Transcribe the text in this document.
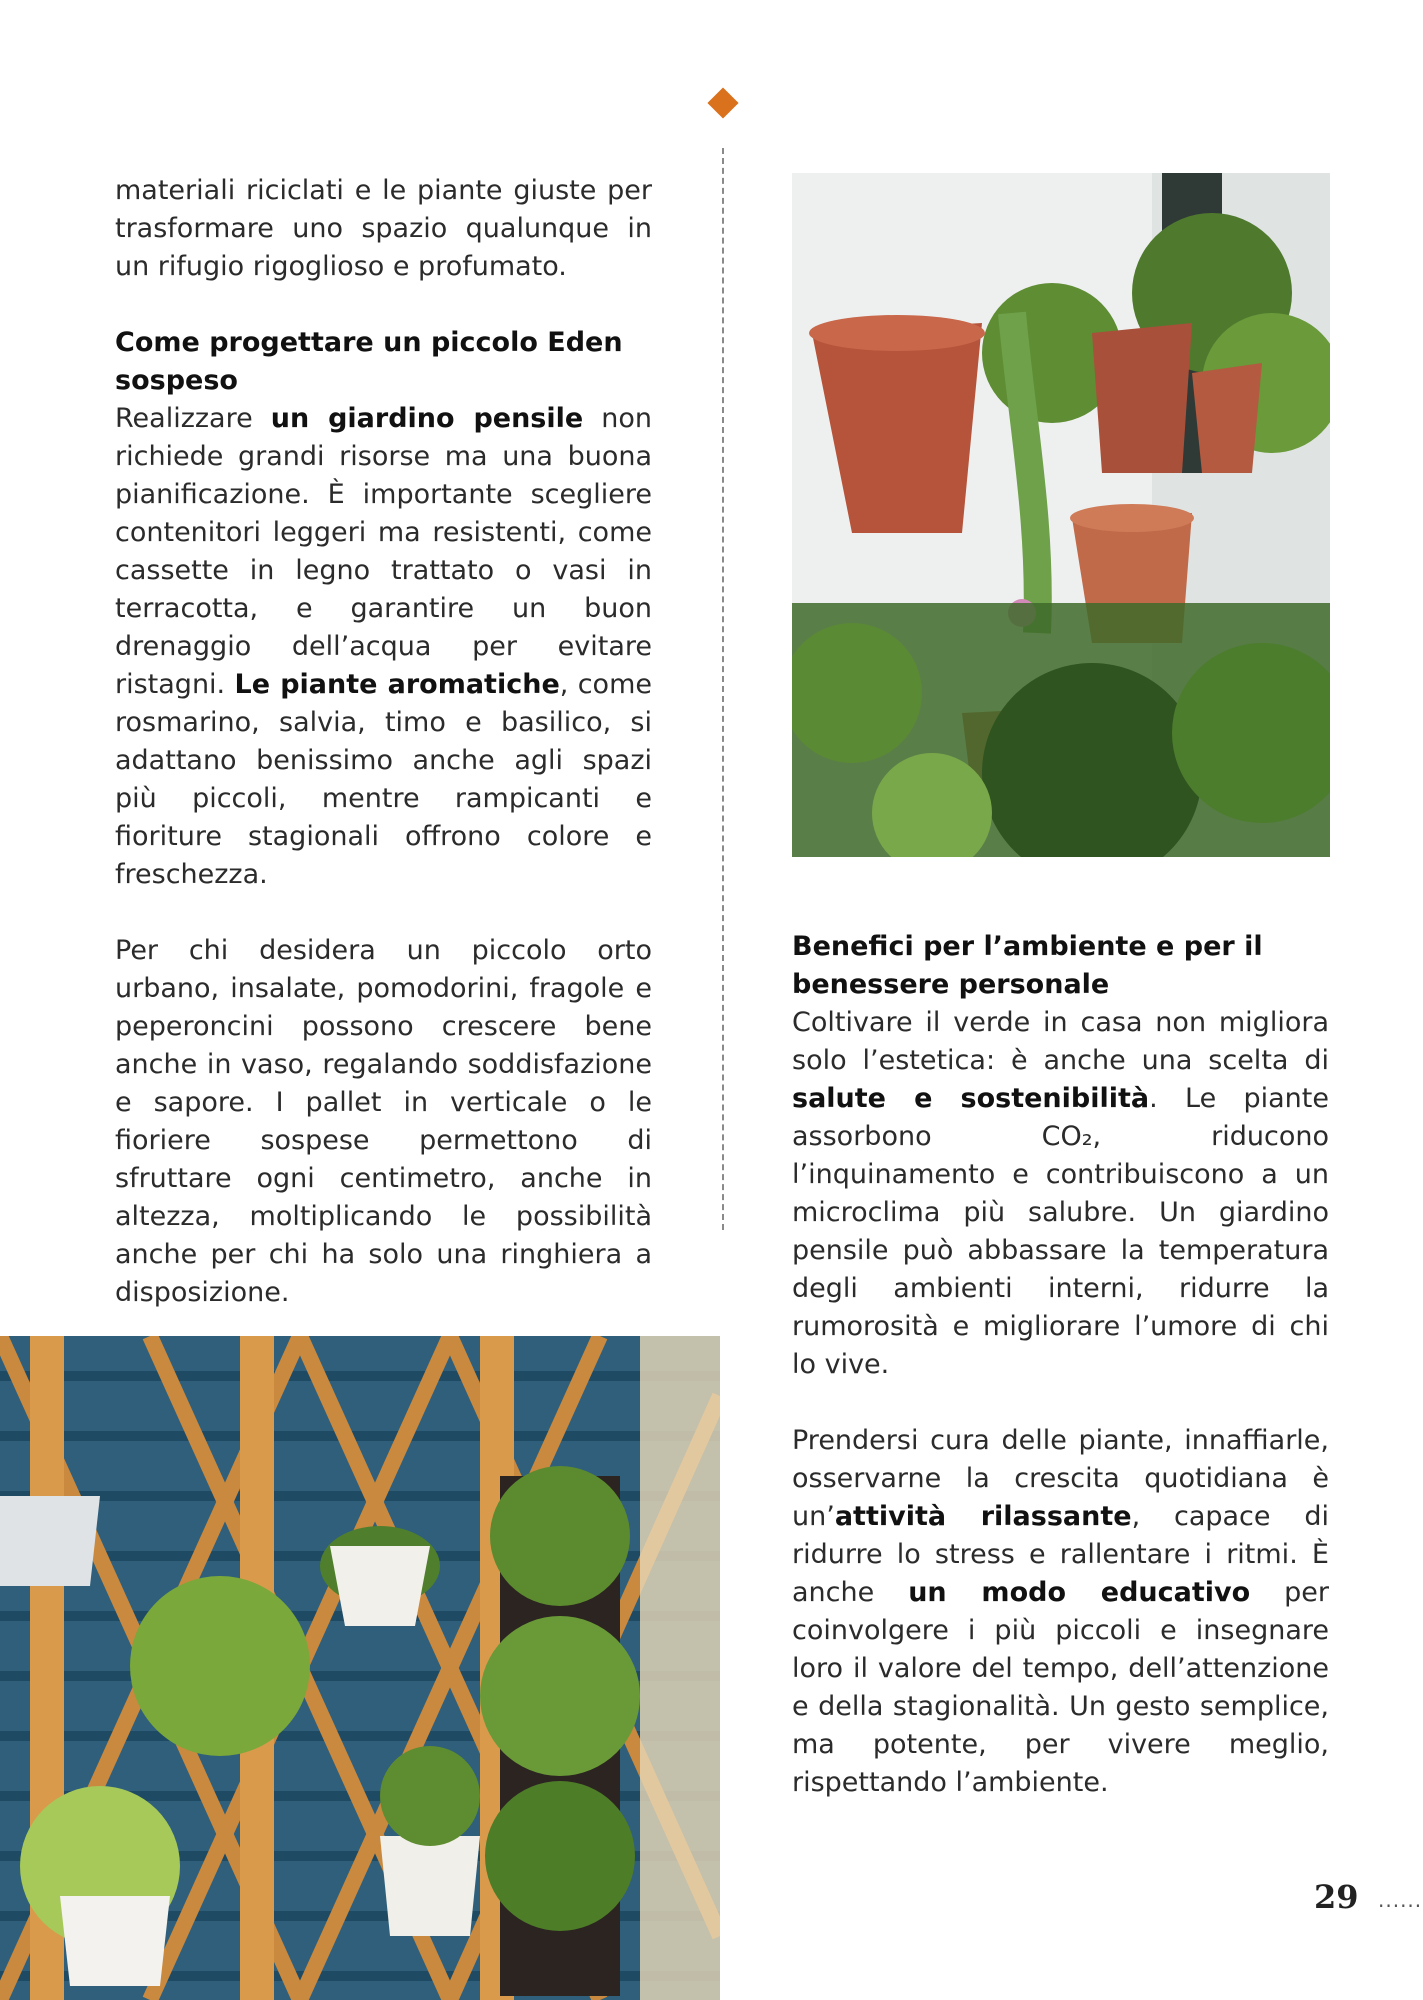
materiali riciclati e le piante giuste per trasformare uno spazio qualunque in un rifugio rigoglioso e profumato.

Come progettare un piccolo Eden sospeso

Realizzare un giardino pensile non richiede grandi risorse ma una buona pianificazione. È importante scegliere contenitori leggeri ma resistenti, come cassette in legno trattato o vasi in terracotta, e garantire un buon drenaggio dell’acqua per evitare ristagni. Le piante aromatiche, come rosmarino, salvia, timo e basilico, si adattano benissimo anche agli spazi più piccoli, mentre rampicanti e fioriture stagionali offrono colore e freschezza.

Per chi desidera un piccolo orto urbano, insalate, pomodorini, fragole e peperoncini possono crescere bene anche in vaso, regalando soddisfazione e sapore. I pallet in verticale o le fioriere sospese permettono di sfruttare ogni centimetro, anche in altezza, moltiplicando le possibilità anche per chi ha solo una ringhiera a disposizione.

Benefici per l’ambiente e per il benessere personale

Coltivare il verde in casa non migliora solo l’estetica: è anche una scelta di salute e sostenibilità. Le piante assorbono CO₂, riducono l’inquinamento e contribuiscono a un microclima più salubre. Un giardino pensile può abbassare la temperatura degli ambienti interni, ridurre la rumorosità e migliorare l’umore di chi lo vive.

Prendersi cura delle piante, innaffiarle, osservarne la crescita quotidiana è un’attività rilassante, capace di ridurre lo stress e rallentare i ritmi. È anche un modo educativo per coinvolgere i più piccoli e insegnare loro il valore del tempo, dell’attenzione e della stagionalità. Un gesto semplice, ma potente, per vivere meglio, rispettando l’ambiente.

29 ......
